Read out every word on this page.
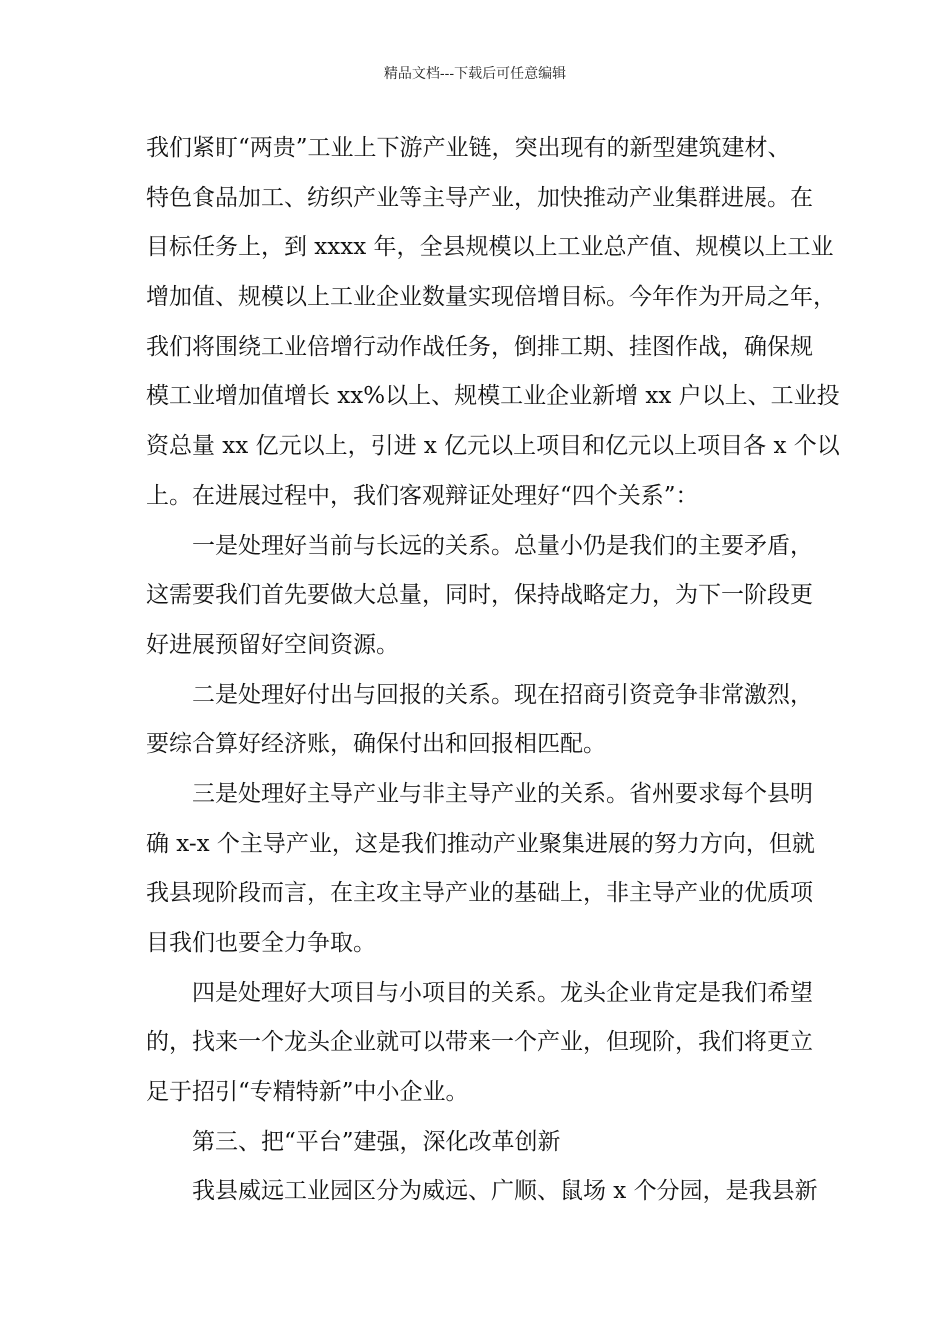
精品文档---下载后可任意编辑
我们紧盯“两贵”工业上下游产业链，突出现有的新型建筑建材、
特色食品加工、纺织产业等主导产业，加快推动产业集群进展。在
目标任务上，到 xxxx 年，全县规模以上工业总产值、规模以上工业
增加值、规模以上工业企业数量实现倍增目标。今年作为开局之年，
我们将围绕工业倍增行动作战任务，倒排工期、挂图作战，确保规
模工业增加值增长 xx%以上、规模工业企业新增 xx 户以上、工业投
资总量 xx 亿元以上，引进 x 亿元以上项目和亿元以上项目各 x 个以
上。在进展过程中，我们客观辩证处理好“四个关系”：
一是处理好当前与长远的关系。总量小仍是我们的主要矛盾，
这需要我们首先要做大总量，同时，保持战略定力，为下一阶段更
好进展预留好空间资源。
二是处理好付出与回报的关系。现在招商引资竞争非常激烈，
要综合算好经济账，确保付出和回报相匹配。
三是处理好主导产业与非主导产业的关系。省州要求每个县明
确 x-x 个主导产业，这是我们推动产业聚集进展的努力方向，但就
我县现阶段而言，在主攻主导产业的基础上，非主导产业的优质项
目我们也要全力争取。
四是处理好大项目与小项目的关系。龙头企业肯定是我们希望
的，找来一个龙头企业就可以带来一个产业，但现阶，我们将更立
足于招引“专精特新”中小企业。
第三、把“平台”建强，深化改革创新
我县威远工业园区分为威远、广顺、鼠场 x 个分园，是我县新
